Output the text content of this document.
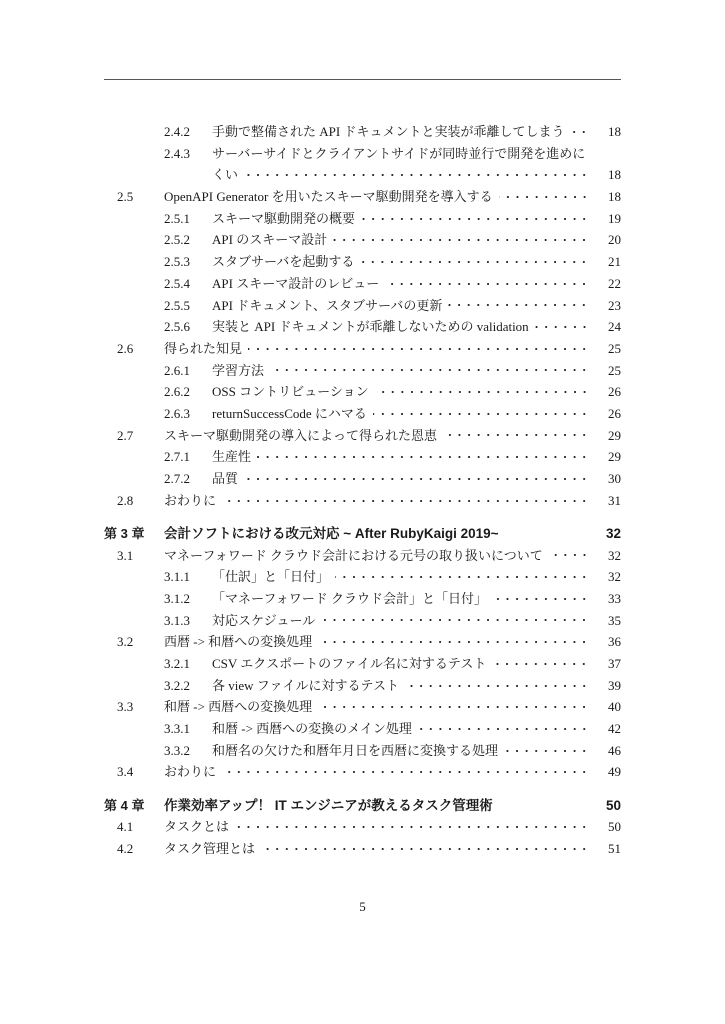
2.4.2 手動で整備された API ドキュメントと実装が乖離してしまう	18
2.4.3 サーバーサイドとクライアントサイドが同時並行で開発を進めに
くい	18
2.5 OpenAPI Generator を用いたスキーマ駆動開発を導入する	18
2.5.1 スキーマ駆動開発の概要	19
2.5.2 API のスキーマ設計	20
2.5.3 スタブサーバを起動する	21
2.5.4 API スキーマ設計のレビュー	22
2.5.5 API ドキュメント、スタブサーバの更新	23
2.5.6 実装と API ドキュメントが乖離しないための validation	24
2.6 得られた知見	25
2.6.1 学習方法	25
2.6.2 OSS コントリビューション	26
2.6.3 returnSuccessCode にハマる	26
2.7 スキーマ駆動開発の導入によって得られた恩恵	29
2.7.1 生産性	29
2.7.2 品質	30
2.8 おわりに	31
第 3 章 会計ソフトにおける改元対応 ~ After RubyKaigi 2019~	32
3.1 マネーフォワード クラウド会計における元号の取り扱いについて	32
3.1.1 「仕訳」と「日付」	32
3.1.2 「マネーフォワード クラウド会計」と「日付」	33
3.1.3 対応スケジュール	35
3.2 西暦 -> 和暦への変換処理	36
3.2.1 CSV エクスポートのファイル名に対するテスト	37
3.2.2 各 view ファイルに対するテスト	39
3.3 和暦 -> 西暦への変換処理	40
3.3.1 和暦 -> 西暦への変換のメイン処理	42
3.3.2 和暦名の欠けた和暦年月日を西暦に変換する処理	46
3.4 おわりに	49
第 4 章 作業効率アップ！ IT エンジニアが教えるタスク管理術	50
4.1 タスクとは	50
4.2 タスク管理とは	51
5
